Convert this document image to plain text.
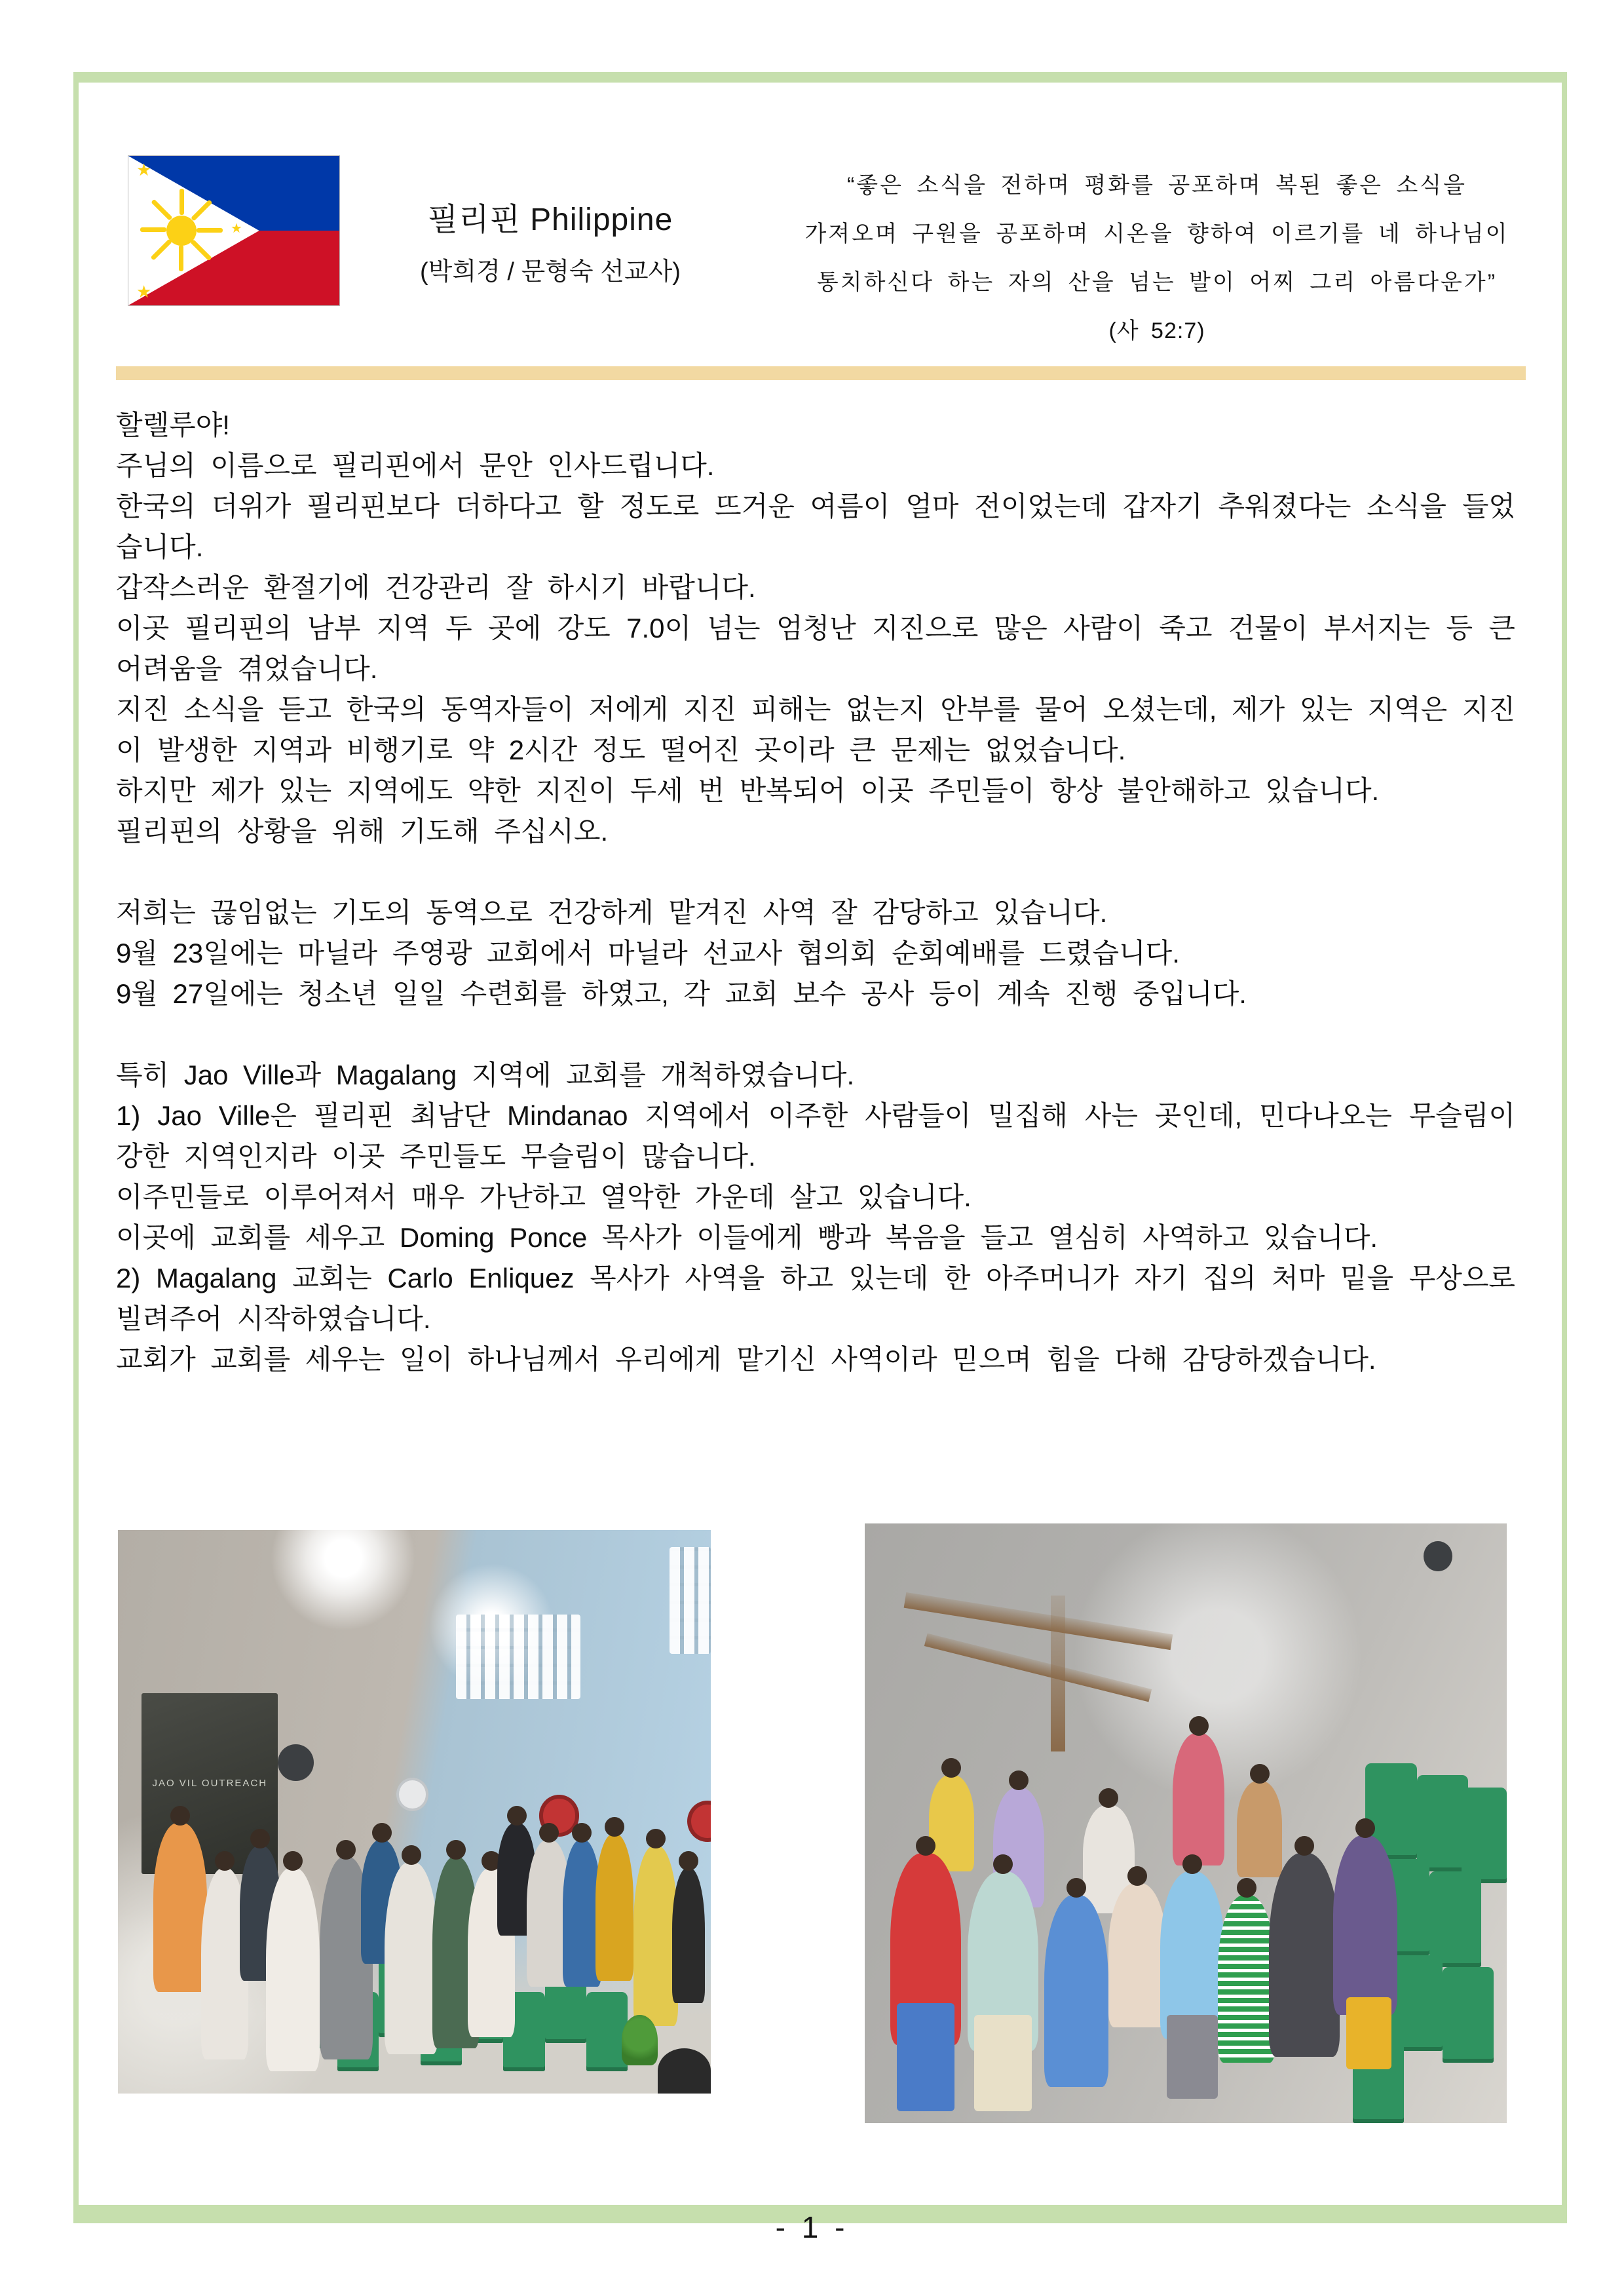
★
★
★	필리핀 Philippine
(박희경 / 문형숙 선교사)
“좋은 소식을 전하며 평화를 공포하며 복된 좋은 소식을
가져오며 구원을 공포하며 시온을 향하여 이르기를 네 하나님이
통치하신다 하는 자의 산을 넘는 발이 어찌 그리 아름다운가”
(사 52:7)

할렐루야!

주님의 이름으로 필리핀에서 문안 인사드립니다.

한국의 더위가 필리핀보다 더하다고 할 정도로 뜨거운 여름이 얼마 전이었는데 갑자기 추워졌다는 소식을 들었습니다.

갑작스러운 환절기에 건강관리 잘 하시기 바랍니다.

이곳 필리핀의 남부 지역 두 곳에 강도 7.0이 넘는 엄청난 지진으로 많은 사람이 죽고 건물이 부서지는 등 큰 어려움을 겪었습니다.

지진 소식을 듣고 한국의 동역자들이 저에게 지진 피해는 없는지 안부를 물어 오셨는데, 제가 있는 지역은 지진이 발생한 지역과 비행기로 약 2시간 정도 떨어진 곳이라 큰 문제는 없었습니다.

하지만 제가 있는 지역에도 약한 지진이 두세 번 반복되어 이곳 주민들이 항상 불안해하고 있습니다.

필리핀의 상황을 위해 기도해 주십시오.

저희는 끊임없는 기도의 동역으로 건강하게 맡겨진 사역 잘 감당하고 있습니다.

9월 23일에는 마닐라 주영광 교회에서 마닐라 선교사 협의회 순회예배를 드렸습니다.

9월 27일에는 청소년 일일 수련회를 하였고, 각 교회 보수 공사 등이 계속 진행 중입니다.

특히 Jao Ville과 Magalang 지역에 교회를 개척하였습니다.

1) Jao Ville은 필리핀 최남단 Mindanao 지역에서 이주한 사람들이 밀집해 사는 곳인데, 민다나오는 무슬림이 강한 지역인지라 이곳 주민들도 무슬림이 많습니다.

이주민들로 이루어져서 매우 가난하고 열악한 가운데 살고 있습니다.

이곳에 교회를 세우고 Doming Ponce 목사가 이들에게 빵과 복음을 들고 열심히 사역하고 있습니다.

2) Magalang 교회는 Carlo Enliquez 목사가 사역을 하고 있는데 한 아주머니가 자기 집의 처마 밑을 무상으로 빌려주어 시작하였습니다.

교회가 교회를 세우는 일이 하나님께서 우리에게 맡기신 사역이라 믿으며 힘을 다해 감당하겠습니다.

JAO VIL OUTREACH
- 1 -
